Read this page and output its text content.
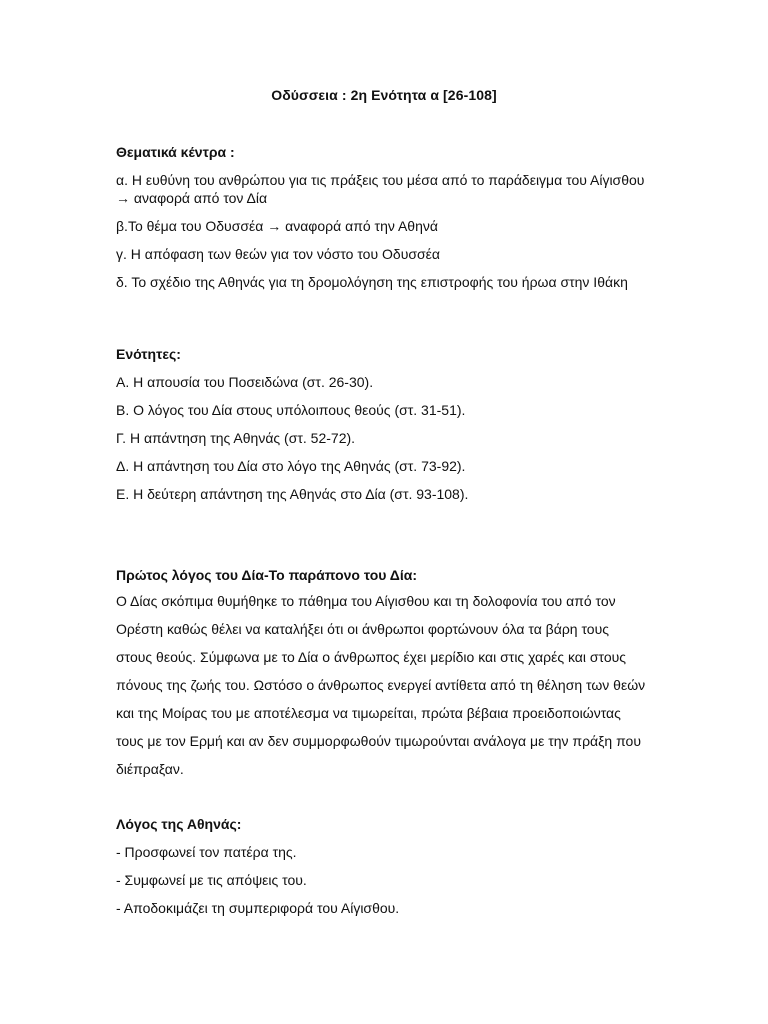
Οδύσσεια : 2η Ενότητα α [26-108]

Θεματικά κέντρα :

α. Η ευθύνη του ανθρώπου για τις πράξεις του μέσα από το παράδειγμα του Αίγισθου → αναφορά από τον Δία

β.Το θέμα του Οδυσσέα → αναφορά από την Αθηνά

γ. Η απόφαση των θεών για τον νόστο του Οδυσσέα

δ. Το σχέδιο της Αθηνάς για τη δρομολόγηση της επιστροφής του ήρωα στην Ιθάκη

Ενότητες:

Α. Η απουσία του Ποσειδώνα (στ. 26-30).

Β. Ο λόγος του Δία στους υπόλοιπους θεούς (στ. 31-51).

Γ. Η απάντηση της Αθηνάς (στ. 52-72).

Δ. Η απάντηση του Δία στο λόγο της Αθηνάς (στ. 73-92).

Ε. Η δεύτερη απάντηση της Αθηνάς στο Δία (στ. 93-108).

Πρώτος λόγος του Δία-Το παράπονο του Δία:

Ο Δίας σκόπιμα θυμήθηκε το πάθημα του Αίγισθου και τη δολοφονία του από τον Ορέστη καθώς θέλει να καταλήξει ότι οι άνθρωποι φορτώνουν όλα τα βάρη τους στους θεούς. Σύμφωνα με το Δία ο άνθρωπος έχει μερίδιο και στις χαρές και στους πόνους της ζωής του. Ωστόσο ο άνθρωπος ενεργεί αντίθετα από τη θέληση των θεών και της Μοίρας του με αποτέλεσμα να τιμωρείται, πρώτα βέβαια προειδοποιώντας τους με τον Ερμή και αν δεν συμμορφωθούν τιμωρούνται ανάλογα με την πράξη που διέπραξαν.

Λόγος της Αθηνάς:

- Προσφωνεί τον πατέρα της.

- Συμφωνεί με τις απόψεις του.

- Αποδοκιμάζει τη συμπεριφορά του Αίγισθου.
